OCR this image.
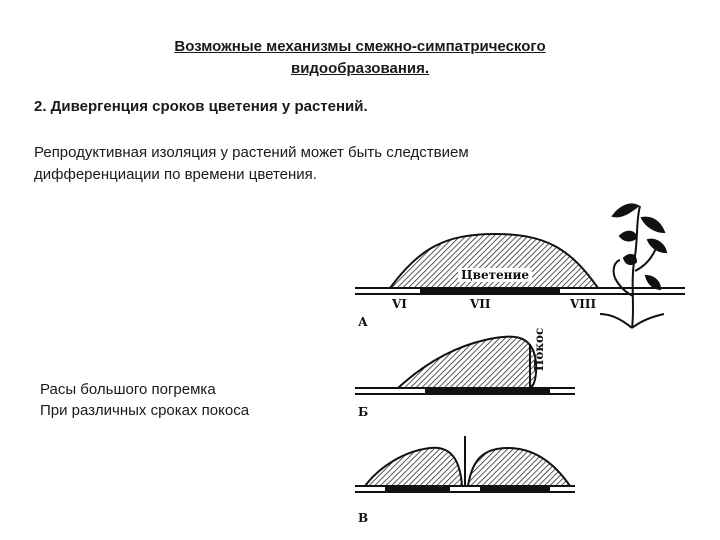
Возможные механизмы смежно-симпатрического
видообразования.
2. Дивергенция сроков цветения у растений.
Репродуктивная изоляция у растений может быть следствием
дифференциации по времени цветения.
Расы большого погремка
При различных сроках покоса
Цветение
VI	VII	VIII
А
Покос
Б
В
